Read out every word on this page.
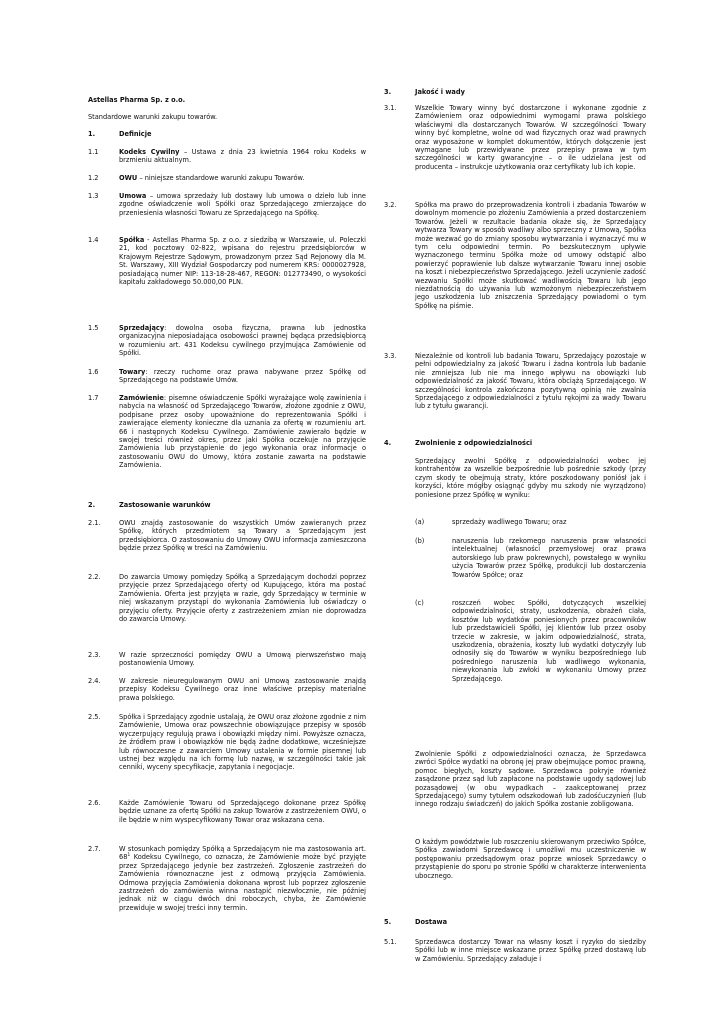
Astellas Pharma Sp. z o.o.
Standardowe warunki zakupu towarów.
1.	Definicje
1.1	Kodeks Cywilny – Ustawa z dnia 23 kwietnia 1964 roku Kodeks w brzmieniu aktualnym.
1.2	OWU – niniejsze standardowe warunki zakupu Towarów.
1.3	Umowa – umowa sprzedaży lub dostawy lub umowa o dzieło lub inne zgodne oświadczenie woli Spółki oraz Sprzedającego zmierzające do przeniesienia własności Towaru ze Sprzedającego na Spółkę.
1.4	Spółka - Astellas Pharma Sp. z o.o. z siedzibą w Warszawie, ul. Poleczki 21, kod pocztowy 02-822, wpisana do rejestru przedsiębiorców w Krajowym Rejestrze Sądowym, prowadzonym przez Sąd Rejonowy dla M. St. Warszawy, XIII Wydział Gospodarczy pod numerem KRS: 0000027928, posiadającą numer NIP: 113-18-28-467, REGON: 012773490, o wysokości kapitału zakładowego 50.000,00 PLN.
1.5	Sprzedający: dowolna osoba fizyczna, prawna lub jednostka organizacyjna nieposiadająca osobowości prawnej będąca przedsiębiorcą w rozumieniu art. 431 Kodeksu cywilnego przyjmująca Zamówienie od Spółki.
1.6	Towary: rzeczy ruchome oraz prawa nabywane przez Spółkę od Sprzedającego na podstawie Umów.
1.7	Zamówienie: pisemne oświadczenie Spółki wyrażające wolę zawinienia i nabycia na własność od Sprzedającego Towarów, złożone zgodnie z OWU, podpisane przez osoby upoważnione do reprezentowania Spółki i zawierające elementy konieczne dla uznania za ofertę w rozumieniu art. 66 i następnych Kodeksu Cywilnego. Zamówienie zawierało będzie w swojej treści również okres, przez jaki Spółka oczekuje na przyjęcie Zamówienia lub przystąpienie do jego wykonania oraz informacje o zastosowaniu OWU do Umowy, która zostanie zawarta na podstawie Zamówienia.
2.	Zastosowanie warunków
2.1.	OWU znajdą zastosowanie do wszystkich Umów zawieranych przez Spółkę, których przedmiotem są Towary a Sprzedającym jest przedsiębiorca. O zastosowaniu do Umowy OWU informacja zamieszczona będzie przez Spółkę w treści na Zamówieniu.
2.2.	Do zawarcia Umowy pomiędzy Spółką a Sprzedającym dochodzi poprzez przyjęcie przez Sprzedającego oferty od Kupującego, która ma postać Zamówienia. Oferta jest przyjęta w razie, gdy Sprzedający w terminie w niej wskazanym przystąpi do wykonania Zamówienia lub oświadczy o przyjęciu oferty. Przyjęcie oferty z zastrzeżeniem zmian nie doprowadza do zawarcia Umowy.
2.3.	W razie sprzeczności pomiędzy OWU a Umową pierwszeństwo mają postanowienia Umowy.
2.4.	W zakresie nieuregulowanym OWU ani Umową zastosowanie znajdą przepisy Kodeksu Cywilnego oraz inne właściwe przepisy materialne prawa polskiego.
2.5.	Spółka i Sprzedający zgodnie ustalają, że OWU oraz złożone zgodnie z nim Zamówienie, Umowa oraz powszechnie obowiązujące przepisy w sposób wyczerpujący regulują prawa i obowiązki między nimi. Powyższe oznacza, że źródłem praw i obowiązków nie będą żadne dodatkowe, wcześniejsze lub równoczesne z zawarciem Umowy ustalenia w formie pisemnej lub ustnej bez względu na ich formę lub nazwę, w szczególności takie jak cenniki, wyceny specyfikacje, zapytania i negocjacje.
2.6.	Każde Zamówienie Towaru od Sprzedającego dokonane przez Spółkę będzie uznane za ofertę Spółki na zakup Towarów z zastrzeżeniem OWU, o ile będzie w nim wyspecyfikowany Towar oraz wskazana cena.
2.7.	W stosunkach pomiędzy Spółką a Sprzedającym nie ma zastosowania art. $68^1$ Kodeksu Cywilnego, co oznacza, że Zamówienie może być przyjęte przez Sprzedającego jedynie bez zastrzeżeń. Zgłoszenie zastrzeżeń do Zamówienia równoznaczne jest z odmową przyjęcia Zamówienia. Odmowa przyjęcia Zamówienia dokonana wprost lub poprzez zgłoszenie zastrzeżeń do zamówienia winna nastąpić niezwłocznie, nie później jednak niż w ciągu dwóch dni roboczych, chyba, że Zamówienie przewiduje w swojej treści inny termin.
3.	Jakość i wady
3.1.	Wszelkie Towary winny być dostarczone i wykonane zgodnie z Zamówieniem oraz odpowiednimi wymogami prawa polskiego właściwymi dla dostarczanych Towarów. W szczególności Towary winny być kompletne, wolne od wad fizycznych oraz wad prawnych oraz wyposażone w komplet dokumentów, których dołączenie jest wymagane lub przewidywane przez przepisy prawa w tym szczególności w karty gwarancyjne – o ile udzielana jest od producenta – instrukcje użytkowania oraz certyfikaty lub ich kopie.
3.2.	Spółka ma prawo do przeprowadzenia kontroli i zbadania Towarów w dowolnym momencie po złożeniu Zamówienia a przed dostarczeniem Towarów. Jeżeli w rezultacie badania okaże się, że Sprzedający wytwarza Towary w sposób wadliwy albo sprzeczny z Umową, Spółka może wezwać go do zmiany sposobu wytwarzania i wyznaczyć mu w tym celu odpowiedni termin. Po bezskutecznym upływie wyznaczonego terminu Spółka może od umowy odstąpić albo powierzyć poprawienie lub dalsze wytwarzanie Towaru innej osobie na koszt i niebezpieczeństwo Sprzedającego. Jeżeli uczynienie zadość wezwaniu Spółki może skutkować wadliwością Towaru lub jego niezdatnością do używania lub wzmożonym niebezpieczeństwem jego uszkodzenia lub zniszczenia Sprzedający powiadomi o tym Spółkę na piśmie.
3.3.	Niezależnie od kontroli lub badania Towaru, Sprzedający pozostaje w pełni odpowiedzialny za jakość Towaru i żadna kontrola lub badanie nie zmniejsza lub nie ma innego wpływu na obowiązki lub odpowiedzialność za jakość Towaru, która obciążą Sprzedającego. W szczególności kontrola zakończona pozytywną opinią nie zwalnia Sprzedającego z odpowiedzialności z tytułu rękojmi za wady Towaru lub z tytułu gwarancji.
4.	Zwolnienie z odpowiedzialności
Sprzedający zwolni Spółkę z odpowiedzialności wobec jej kontrahentów za wszelkie bezpośrednie lub pośrednie szkody (przy czym skody te obejmują straty, które poszkodowany poniósł jak i korzyści, które mógłby osiągnąć gdyby mu szkody nie wyrządzono) poniesione przez Spółkę w wyniku:
(a)	sprzedaży wadliwego Towaru; oraz
(b)	naruszenia lub rzekomego naruszenia praw własności intelektualnej (własności przemysłowej oraz prawa autorskiego lub praw pokrewnych), powstałego w wyniku użycia Towarów przez Spółkę, produkcji lub dostarczenia Towarów Spółce; oraz
(c)	roszczeń wobec Spółki, dotyczących wszelkiej odpowiedzialności, straty, uszkodzenia, obrażeń ciała, kosztów lub wydatków poniesionych przez pracowników lub przedstawicieli Spółki, jej klientów lub przez osoby trzecie w zakresie, w jakim odpowiedzialność, strata, uszkodzenia, obrażenia, koszty lub wydatki dotyczyły lub odnosiły się do Towarów w wyniku bezpośredniego lub pośredniego naruszenia lub wadliwego wykonania, niewykonania lub zwłoki w wykonaniu Umowy przez Sprzedającego.
Zwolnienie Spółki z odpowiedzialności oznacza, że Sprzedawca zwróci Spółce wydatki na obronę jej praw obejmujące pomoc prawną, pomoc biegłych, koszty sądowe. Sprzedawca pokryje również zasądzone przez sąd lub zapłacone na podstawie ugody sądowej lub pozasądowej (w obu wypadkach – zaakceptowanej przez Sprzedającego) sumy tytułem odszkodowań lub zadośćuczynień (lub innego rodzaju świadczeń) do jakich Spółka zostanie zobligowana.
O każdym powództwie lub roszczeniu skierowanym przeciwko Spółce, Spółka zawiadomi Sprzedawcę i umożliwi mu uczestniczenie w postępowaniu przedsądowym oraz poprze wniosek Sprzedawcy o przystąpienie do sporu po stronie Spółki w charakterze interwenienta ubocznego.
5.	Dostawa
5.1.	Sprzedawca dostarczy Towar na własny koszt i ryzyko do siedziby Spółki lub w inne miejsce wskazane przez Spółkę przed dostawą lub w Zamówieniu. Sprzedający załaduje i
